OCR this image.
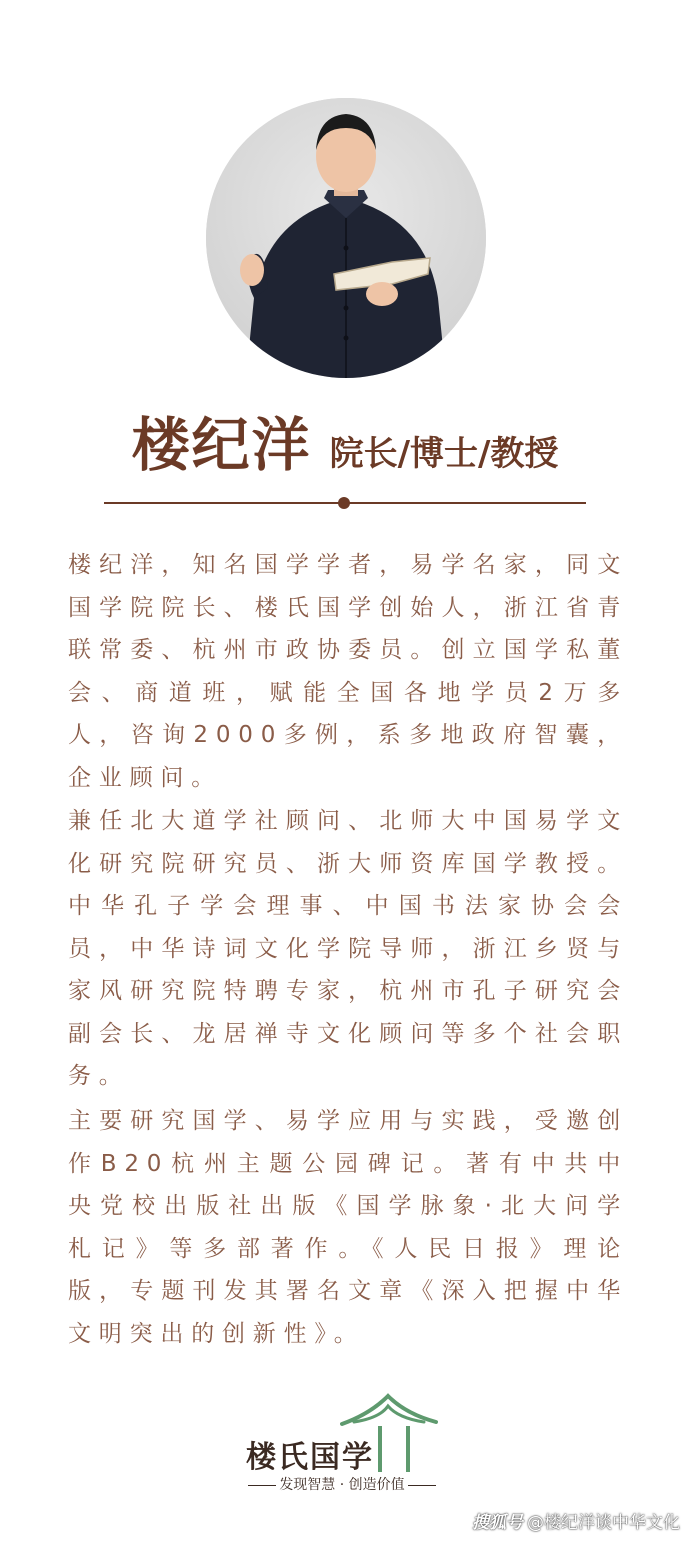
楼纪洋 院长/博士/教授

楼纪洋，知名国学学者，易学名家，同文国学院院长、楼氏国学创始人，浙江省青联常委、杭州市政协委员。创立国学私董会、商道班，赋能全国各地学员2万多人，咨询2000多例，系多地政府智囊，企业顾问。

兼任北大道学社顾问、北师大中国易学文化研究院研究员、浙大师资库国学教授。中华孔子学会理事、中国书法家协会会员，中华诗词文化学院导师，浙江乡贤与家风研究院特聘专家，杭州市孔子研究会副会长、龙居禅寺文化顾问等多个社会职务。

主要研究国学、易学应用与实践，受邀创作B20杭州主题公园碑记。著有中共中央党校出版社出版《国学脉象·北大问学札记》等多部著作。《人民日报》理论版，专题刊发其署名文章《深入把握中华文明突出的创新性》。

楼氏国学
发现智慧 · 创造价值
搜狐号 @楼纪洋谈中华文化
